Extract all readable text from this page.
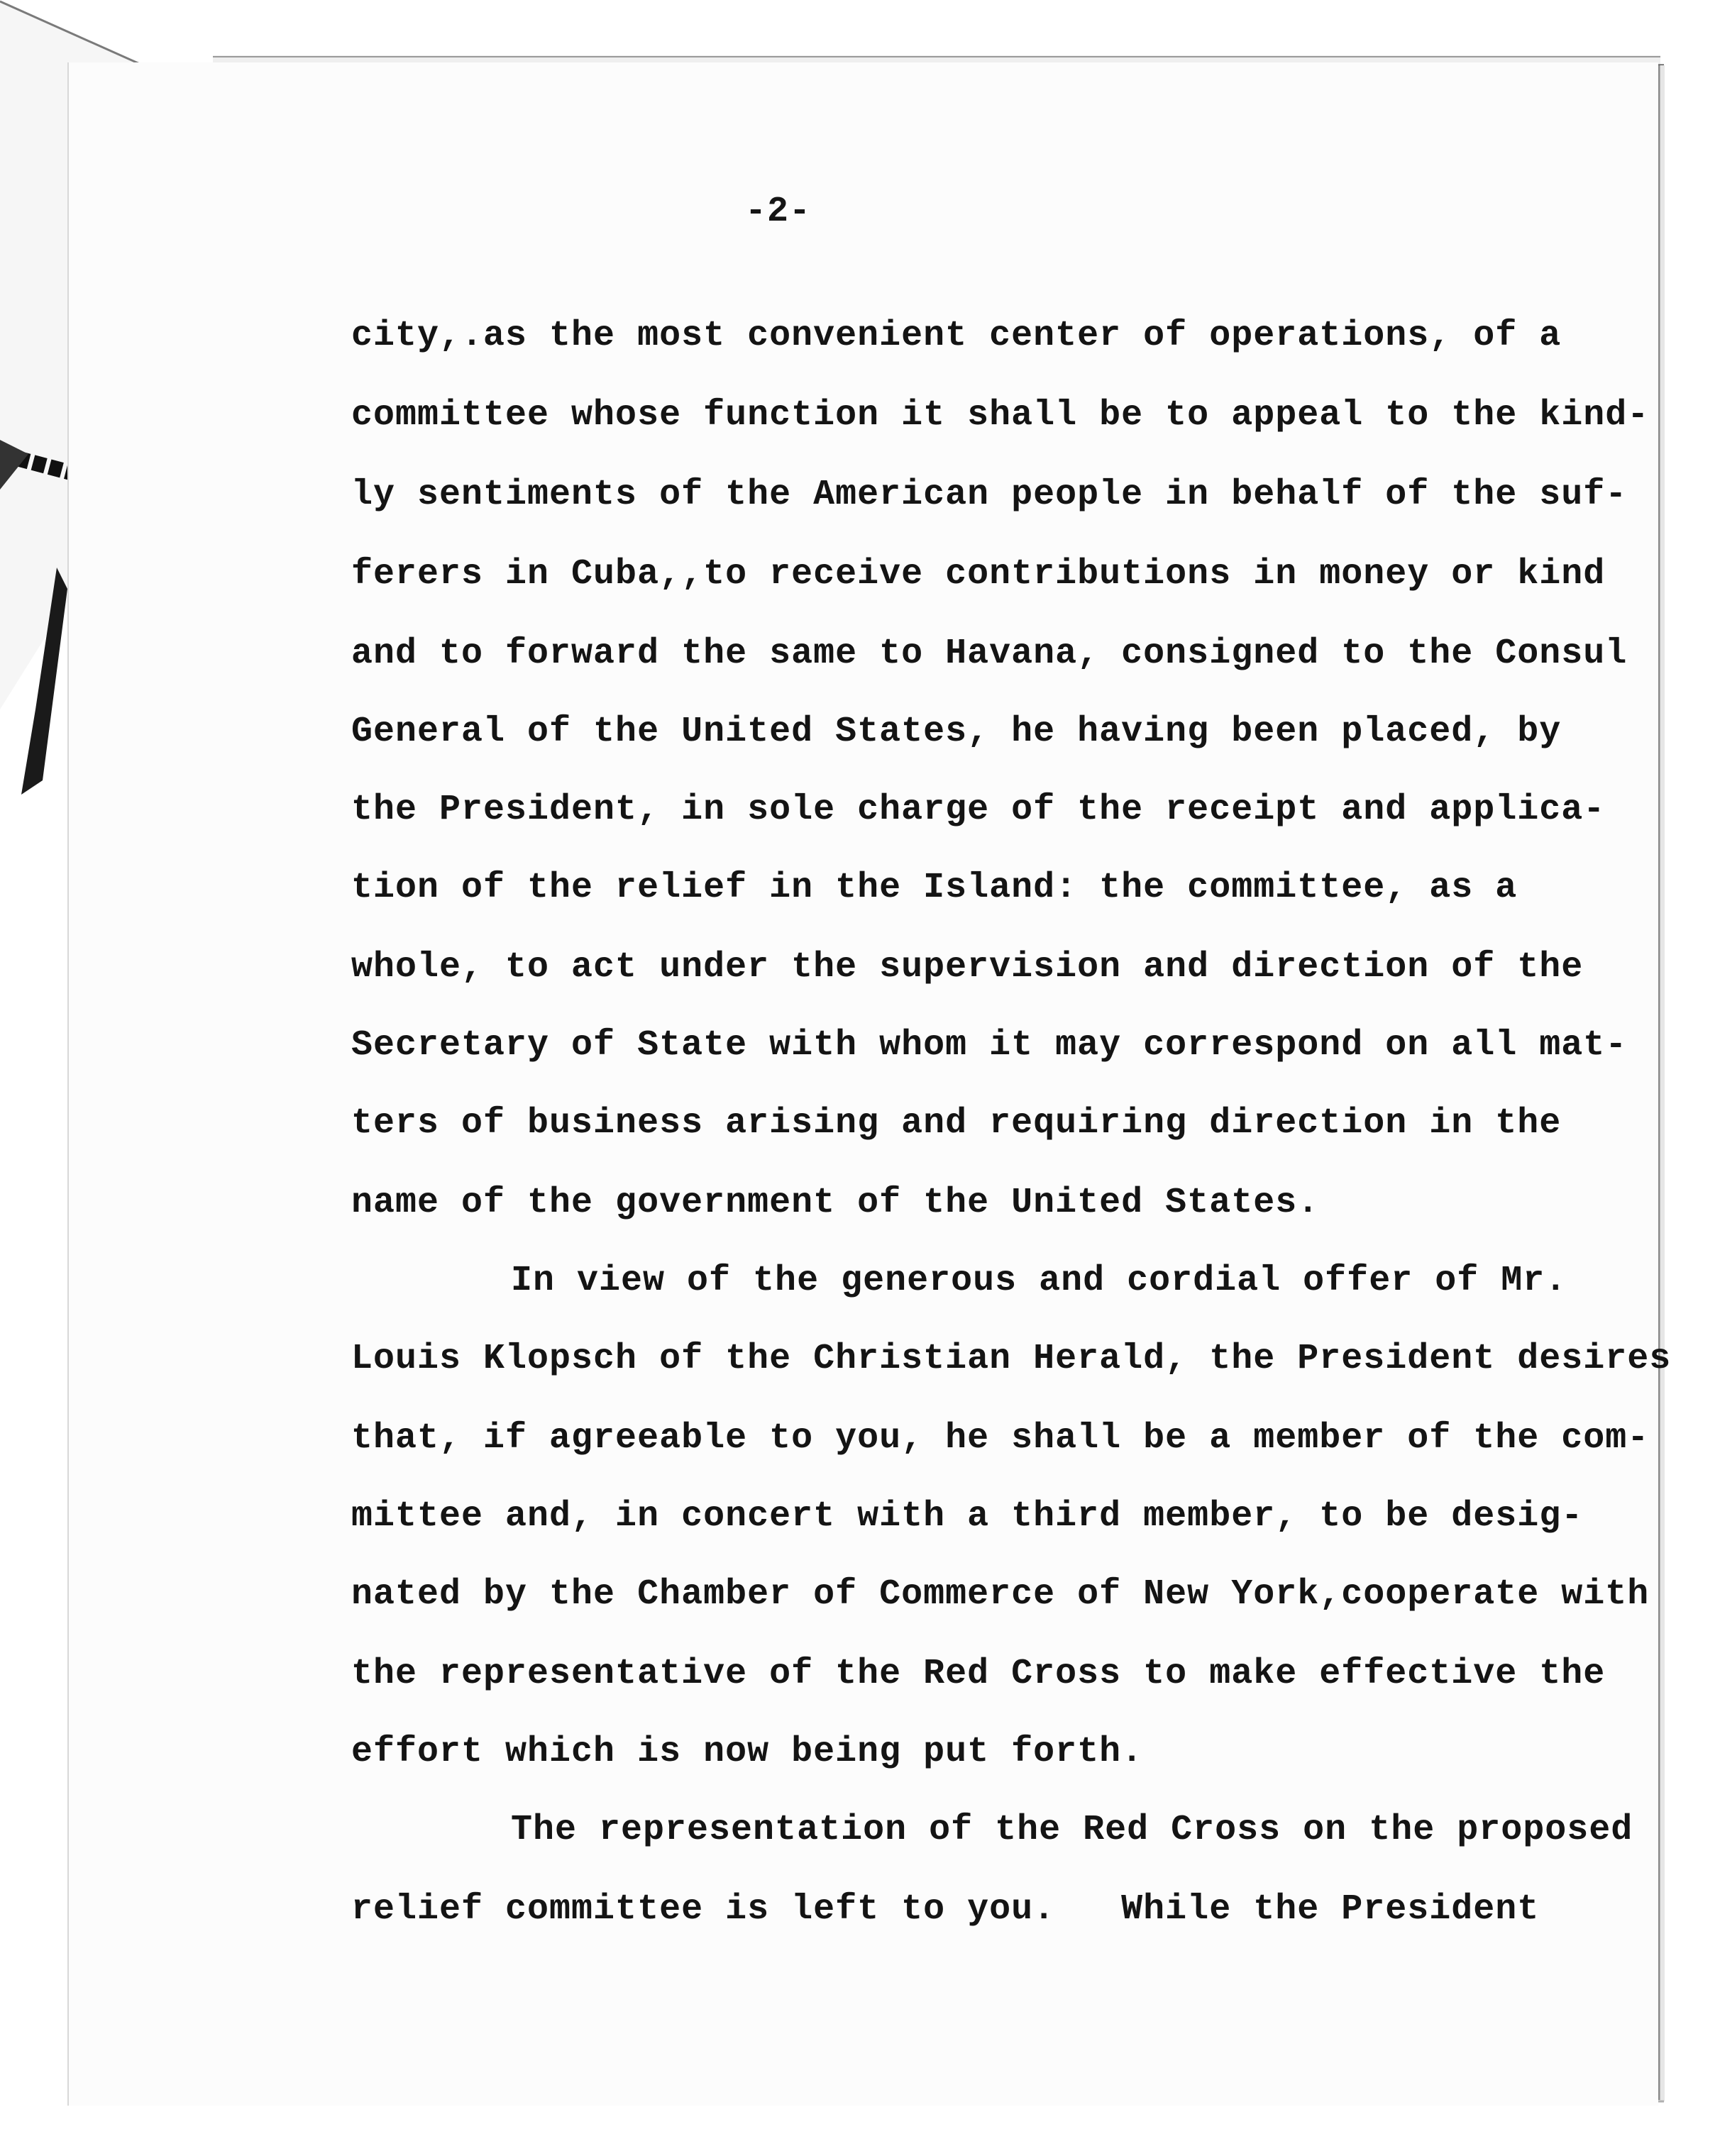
-2-
city,.as the most convenient center of operations, of a
committee whose function it shall be to appeal to the kind-
ly sentiments of the American people in behalf of the suf-
ferers in Cuba,,to receive contributions in money or kind
and to forward the same to Havana, consigned to the Consul
General of the United States, he having been placed, by
the President, in sole charge of the receipt and applica-
tion of the relief in the Island: the committee, as a
whole, to act under the supervision and direction of the
Secretary of State with whom it may correspond on all mat-
ters of business arising and requiring direction in the
name of the government of the United States.
In view of the generous and cordial offer of Mr.
Louis Klopsch of the Christian Herald, the President desires
that, if agreeable to you, he shall be a member of the com-
mittee and, in concert with a third member, to be desig-
nated by the Chamber of Commerce of New York,cooperate with
the representative of the Red Cross to make effective the
effort which is now being put forth.
The representation of the Red Cross on the proposed
relief committee is left to you.   While the President
